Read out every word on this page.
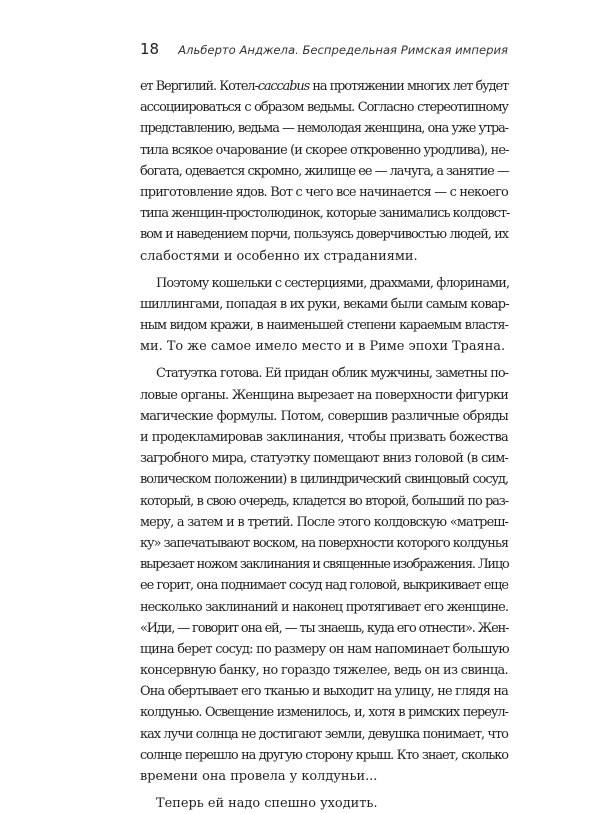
18 Альберто Анджела. Беспредельная Римская империя

ет Вергилий. Котел-caccabus на протяжении многих лет будет

ассоциироваться с образом ведьмы. Согласно стереотипному

представлению, ведьма — немолодая женщина, она уже утра-

тила всякое очарование (и скорее откровенно уродлива), не-

богата, одевается скромно, жилище ее — лачуга, а занятие —

приготовление ядов. Вот с чего все начинается — с некоего

типа женщин-простолюдинок, которые занимались колдовст-

вом и наведением порчи, пользуясь доверчивостью людей, их

слабостями и особенно их страданиями.

Поэтому кошельки с сестерциями, драхмами, флоринами,

шиллингами, попадая в их руки, веками были самым ковар-

ным видом кражи, в наименьшей степени караемым властя-

ми. То же самое имело место и в Риме эпохи Траяна.

Статуэтка готова. Ей придан облик мужчины, заметны по-

ловые органы. Женщина вырезает на поверхности фигурки

магические формулы. Потом, совершив различные обряды

и продекламировав заклинания, чтобы призвать божества

загробного мира, статуэтку помещают вниз головой (в сим-

волическом положении) в цилиндрический свинцовый сосуд,

который, в свою очередь, кладется во второй, больший по раз-

меру, а затем и в третий. После этого колдовскую «матреш-

ку» запечатывают воском, на поверхности которого колдунья

вырезает ножом заклинания и священные изображения. Лицо

ее горит, она поднимает сосуд над головой, выкрикивает еще

несколько заклинаний и наконец протягивает его женщине.

«Иди, — говорит она ей, — ты знаешь, куда его отнести». Жен-

щина берет сосуд: по размеру он нам напоминает большую

консервную банку, но гораздо тяжелее, ведь он из свинца.

Она обертывает его тканью и выходит на улицу, не глядя на

колдунью. Освещение изменилось, и, хотя в римских переул-

ках лучи солнца не достигают земли, девушка понимает, что

солнце перешло на другую сторону крыш. Кто знает, сколько

времени она провела у колдуньи...

Теперь ей надо спешно уходить.
